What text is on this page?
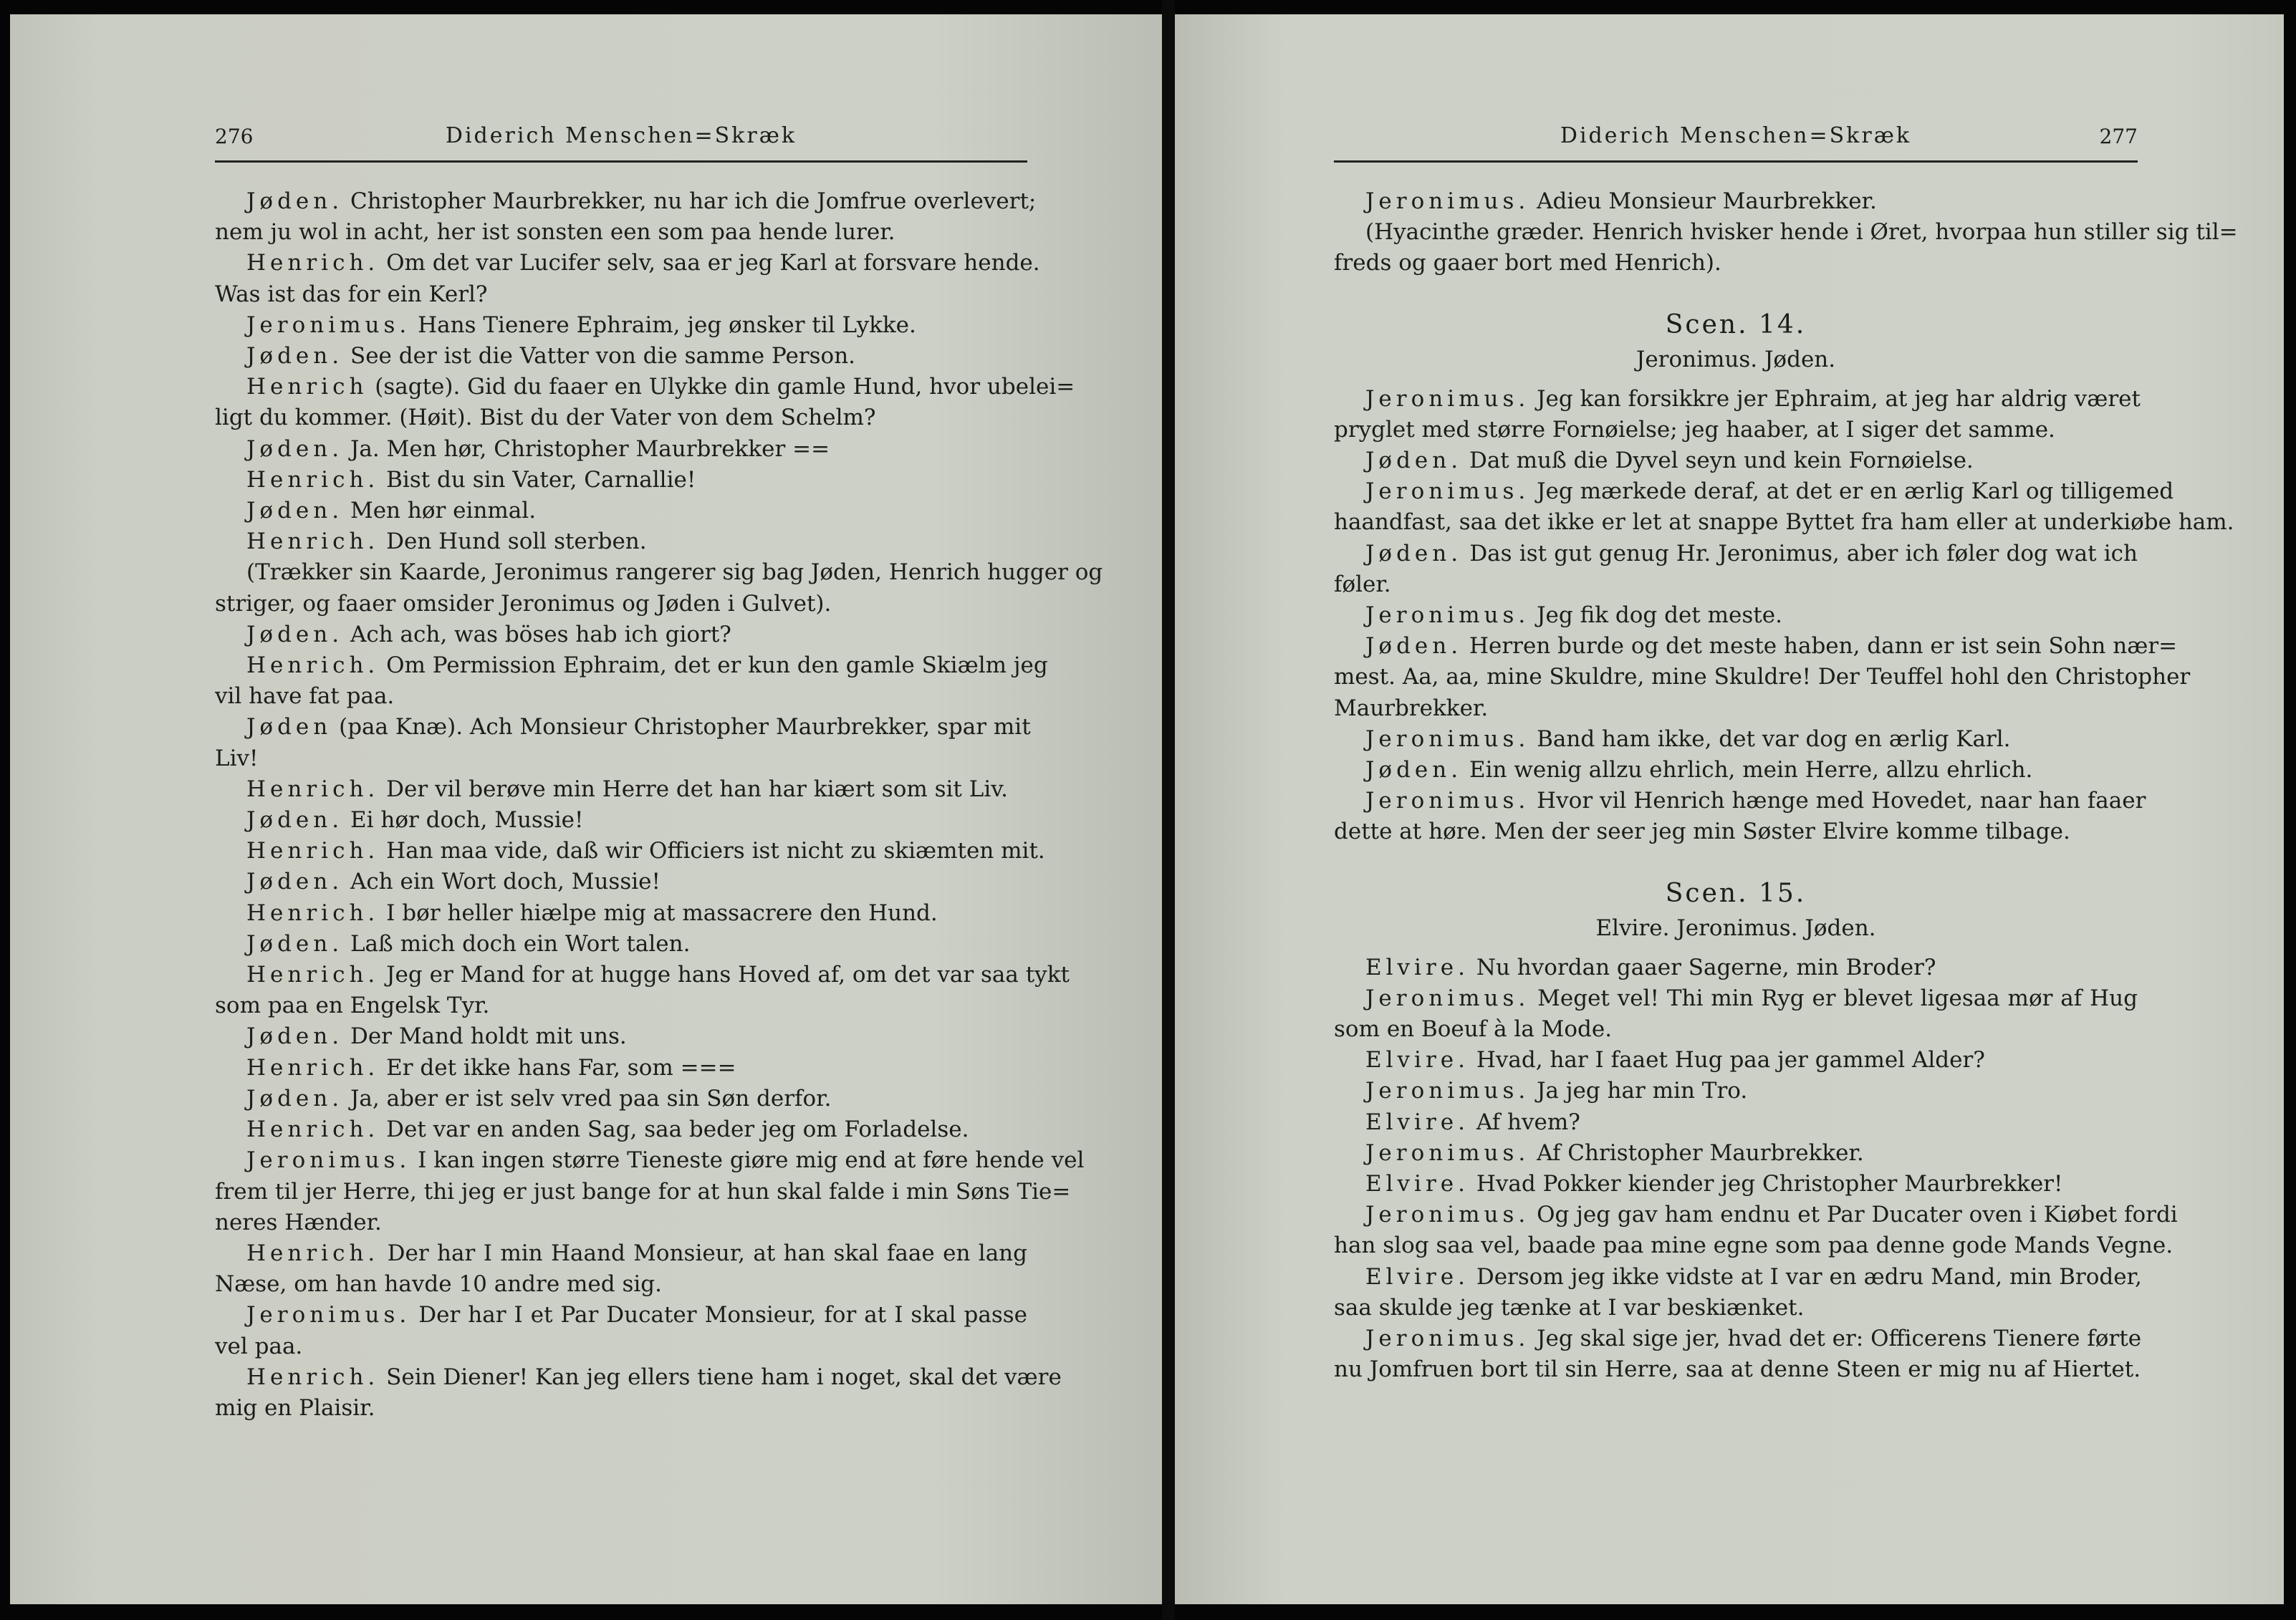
276	Diderich Menschen=Skræk
Jøden. Christopher Maurbrekker, nu har ich die Jomfrue overlevert;
nem ju wol in acht, her ist sonsten een som paa hende lurer.
Henrich. Om det var Lucifer selv, saa er jeg Karl at forsvare hende.
Was ist das for ein Kerl?
Jeronimus. Hans Tienere Ephraim, jeg ønsker til Lykke.
Jøden. See der ist die Vatter von die samme Person.
Henrich (sagte). Gid du faaer en Ulykke din gamle Hund, hvor ubelei=
ligt du kommer. (Høit). Bist du der Vater von dem Schelm?
Jøden. Ja. Men hør, Christopher Maurbrekker ==
Henrich. Bist du sin Vater, Carnallie!
Jøden. Men hør einmal.
Henrich. Den Hund soll sterben.
(Trækker sin Kaarde, Jeronimus rangerer sig bag Jøden, Henrich hugger og
striger, og faaer omsider Jeronimus og Jøden i Gulvet).
Jøden. Ach ach, was böses hab ich giort?
Henrich. Om Permission Ephraim, det er kun den gamle Skiælm jeg
vil have fat paa.
Jøden (paa Knæ). Ach Monsieur Christopher Maurbrekker, spar mit
Liv!
Henrich. Der vil berøve min Herre det han har kiært som sit Liv.
Jøden. Ei hør doch, Mussie!
Henrich. Han maa vide, daß wir Officiers ist nicht zu skiæmten mit.
Jøden. Ach ein Wort doch, Mussie!
Henrich. I bør heller hiælpe mig at massacrere den Hund.
Jøden. Laß mich doch ein Wort talen.
Henrich. Jeg er Mand for at hugge hans Hoved af, om det var saa tykt
som paa en Engelsk Tyr.
Jøden. Der Mand holdt mit uns.
Henrich. Er det ikke hans Far, som ===
Jøden. Ja, aber er ist selv vred paa sin Søn derfor.
Henrich. Det var en anden Sag, saa beder jeg om Forladelse.
Jeronimus. I kan ingen større Tieneste giøre mig end at føre hende vel
frem til jer Herre, thi jeg er just bange for at hun skal falde i min Søns Tie=
neres Hænder.
Henrich. Der har I min Haand Monsieur, at han skal faae en lang
Næse, om han havde 10 andre med sig.
Jeronimus. Der har I et Par Ducater Monsieur, for at I skal passe
vel paa.
Henrich. Sein Diener! Kan jeg ellers tiene ham i noget, skal det være
mig en Plaisir.
Diderich Menschen=Skræk	277
Jeronimus. Adieu Monsieur Maurbrekker.
(Hyacinthe græder. Henrich hvisker hende i Øret, hvorpaa hun stiller sig til=
freds og gaaer bort med Henrich).
Scen. 14.
Jeronimus. Jøden.
Jeronimus. Jeg kan forsikkre jer Ephraim, at jeg har aldrig været
pryglet med større Fornøielse; jeg haaber, at I siger det samme.
Jøden. Dat muß die Dyvel seyn und kein Fornøielse.
Jeronimus. Jeg mærkede deraf, at det er en ærlig Karl og tilligemed
haandfast, saa det ikke er let at snappe Byttet fra ham eller at underkiøbe ham.
Jøden. Das ist gut genug Hr. Jeronimus, aber ich føler dog wat ich
føler.
Jeronimus. Jeg fik dog det meste.
Jøden. Herren burde og det meste haben, dann er ist sein Sohn nær=
mest. Aa, aa, mine Skuldre, mine Skuldre! Der Teuffel hohl den Christopher
Maurbrekker.
Jeronimus. Band ham ikke, det var dog en ærlig Karl.
Jøden. Ein wenig allzu ehrlich, mein Herre, allzu ehrlich.
Jeronimus. Hvor vil Henrich hænge med Hovedet, naar han faaer
dette at høre. Men der seer jeg min Søster Elvire komme tilbage.
Scen. 15.
Elvire. Jeronimus. Jøden.
Elvire. Nu hvordan gaaer Sagerne, min Broder?
Jeronimus. Meget vel! Thi min Ryg er blevet ligesaa mør af Hug
som en Boeuf à la Mode.
Elvire. Hvad, har I faaet Hug paa jer gammel Alder?
Jeronimus. Ja jeg har min Tro.
Elvire. Af hvem?
Jeronimus. Af Christopher Maurbrekker.
Elvire. Hvad Pokker kiender jeg Christopher Maurbrekker!
Jeronimus. Og jeg gav ham endnu et Par Ducater oven i Kiøbet fordi
han slog saa vel, baade paa mine egne som paa denne gode Mands Vegne.
Elvire. Dersom jeg ikke vidste at I var en ædru Mand, min Broder,
saa skulde jeg tænke at I var beskiænket.
Jeronimus. Jeg skal sige jer, hvad det er: Officerens Tienere førte
nu Jomfruen bort til sin Herre, saa at denne Steen er mig nu af Hiertet.
